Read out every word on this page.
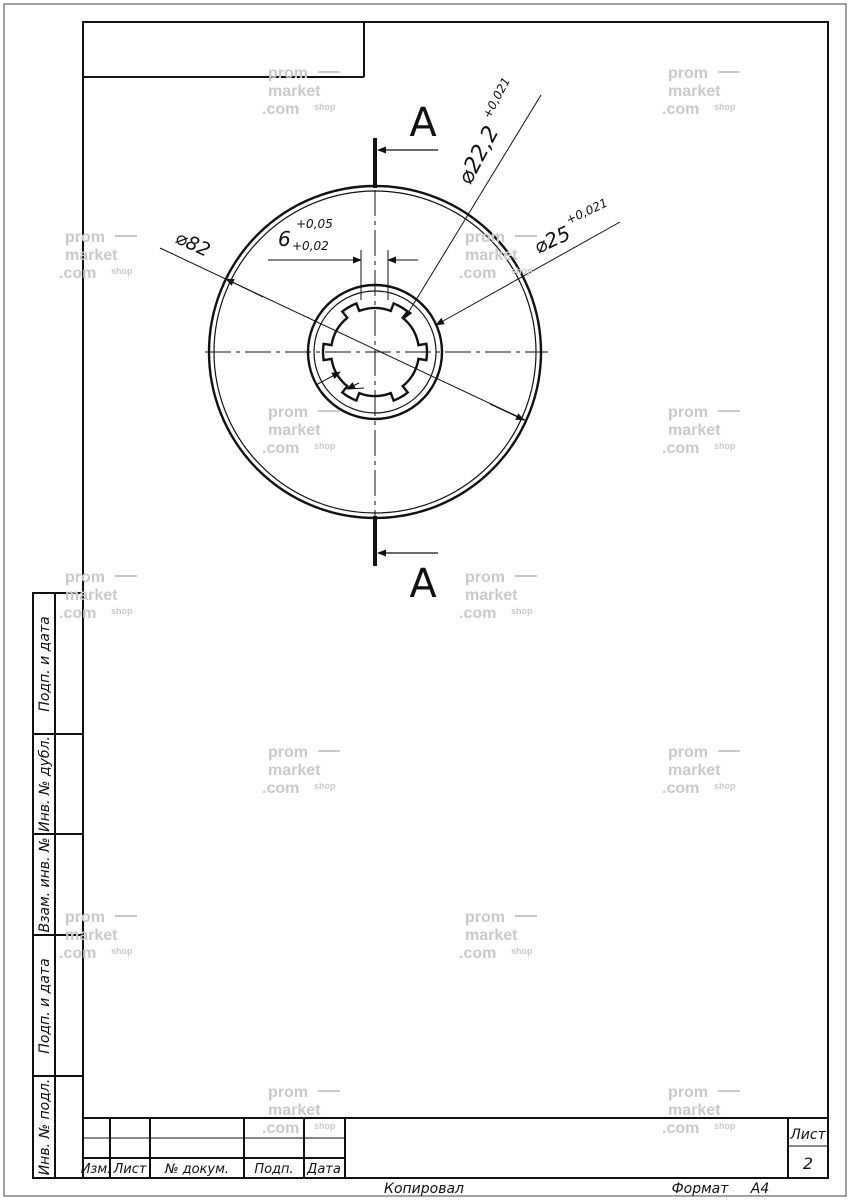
A
A
⌀82
⌀22,2
+0,021
⌀25
+0,021
6
+0,05
+0,02
Подп. и дата
Инв. № дубл.
Взам. инв. №
Подп. и дата
Инв. № подл. Изм. Лист № докум. Подп. Дата
Лист
2
Копировал	Формат A4
prom
market
.com shop
prom
market
.com shop
prom
market
.com shop
prom
market
.com shop
prom
market
.com shop
prom
market
.com shop
prom
market
.com shop
prom
market
.com shop
prom
market
.com shop
prom
market
.com shop
prom
market
.com shop
prom
market
.com shop
prom
market
.com shop
prom
market
.com shop
